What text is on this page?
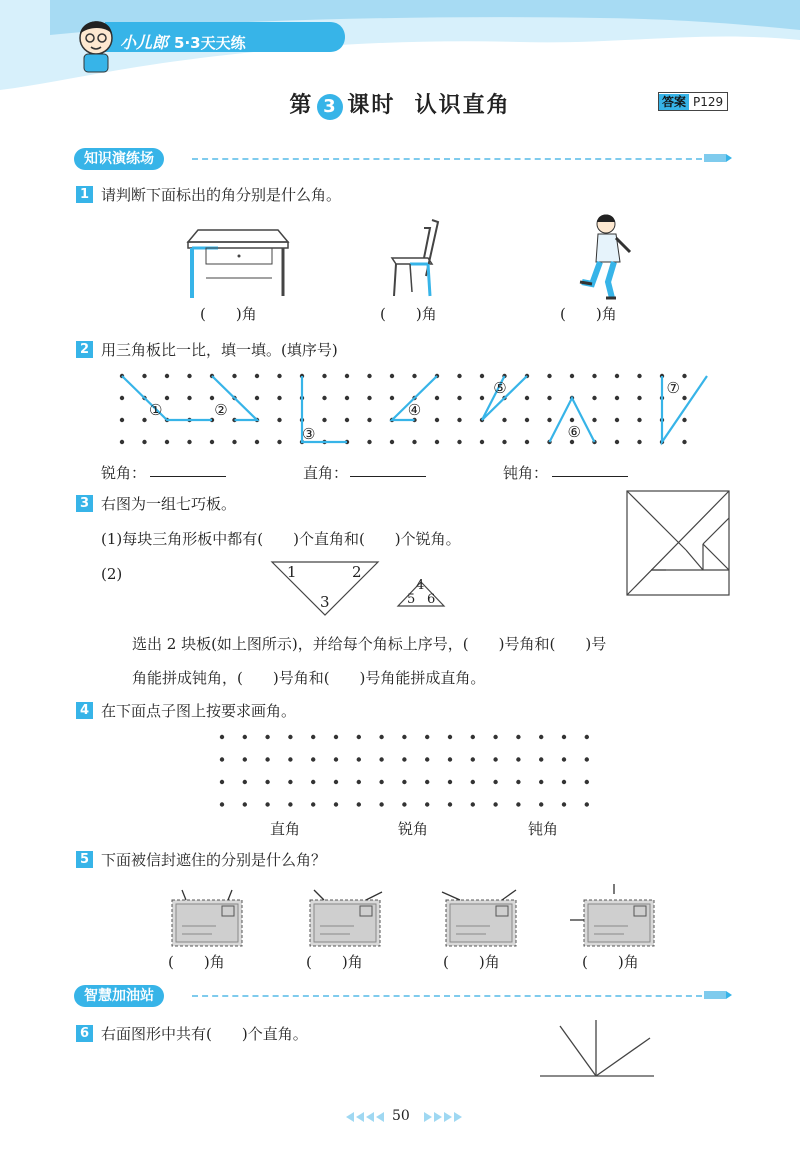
小儿郎 5·3天天练
第 3 课时 认识直角	答案 P129
知识演练场
1 请判断下面标出的角分别是什么角。
(　　)角	(　　)角	(　　)角
2 用三角板比一比，填一填。(填序号)
①	②
③
④
⑤
⑥
⑦
锐角：	直角：	钝角：
3 右图为一组七巧板。
(1)每块三角形板中都有(　　)个直角和(　　)个锐角。
(2)	1	2
3
4
5 6
选出 2 块板(如上图所示)，并给每个角标上序号，(　　)号角和(　　)号
角能拼成钝角，(　　)号角和(　　)号角能拼成直角。
4 在下面点子图上按要求画角。
直角	锐角	钝角
5 下面被信封遮住的分别是什么角？
(　　)角	(　　)角	(　　)角	(　　)角
智慧加油站
6 右面图形中共有(　　)个直角。
50
